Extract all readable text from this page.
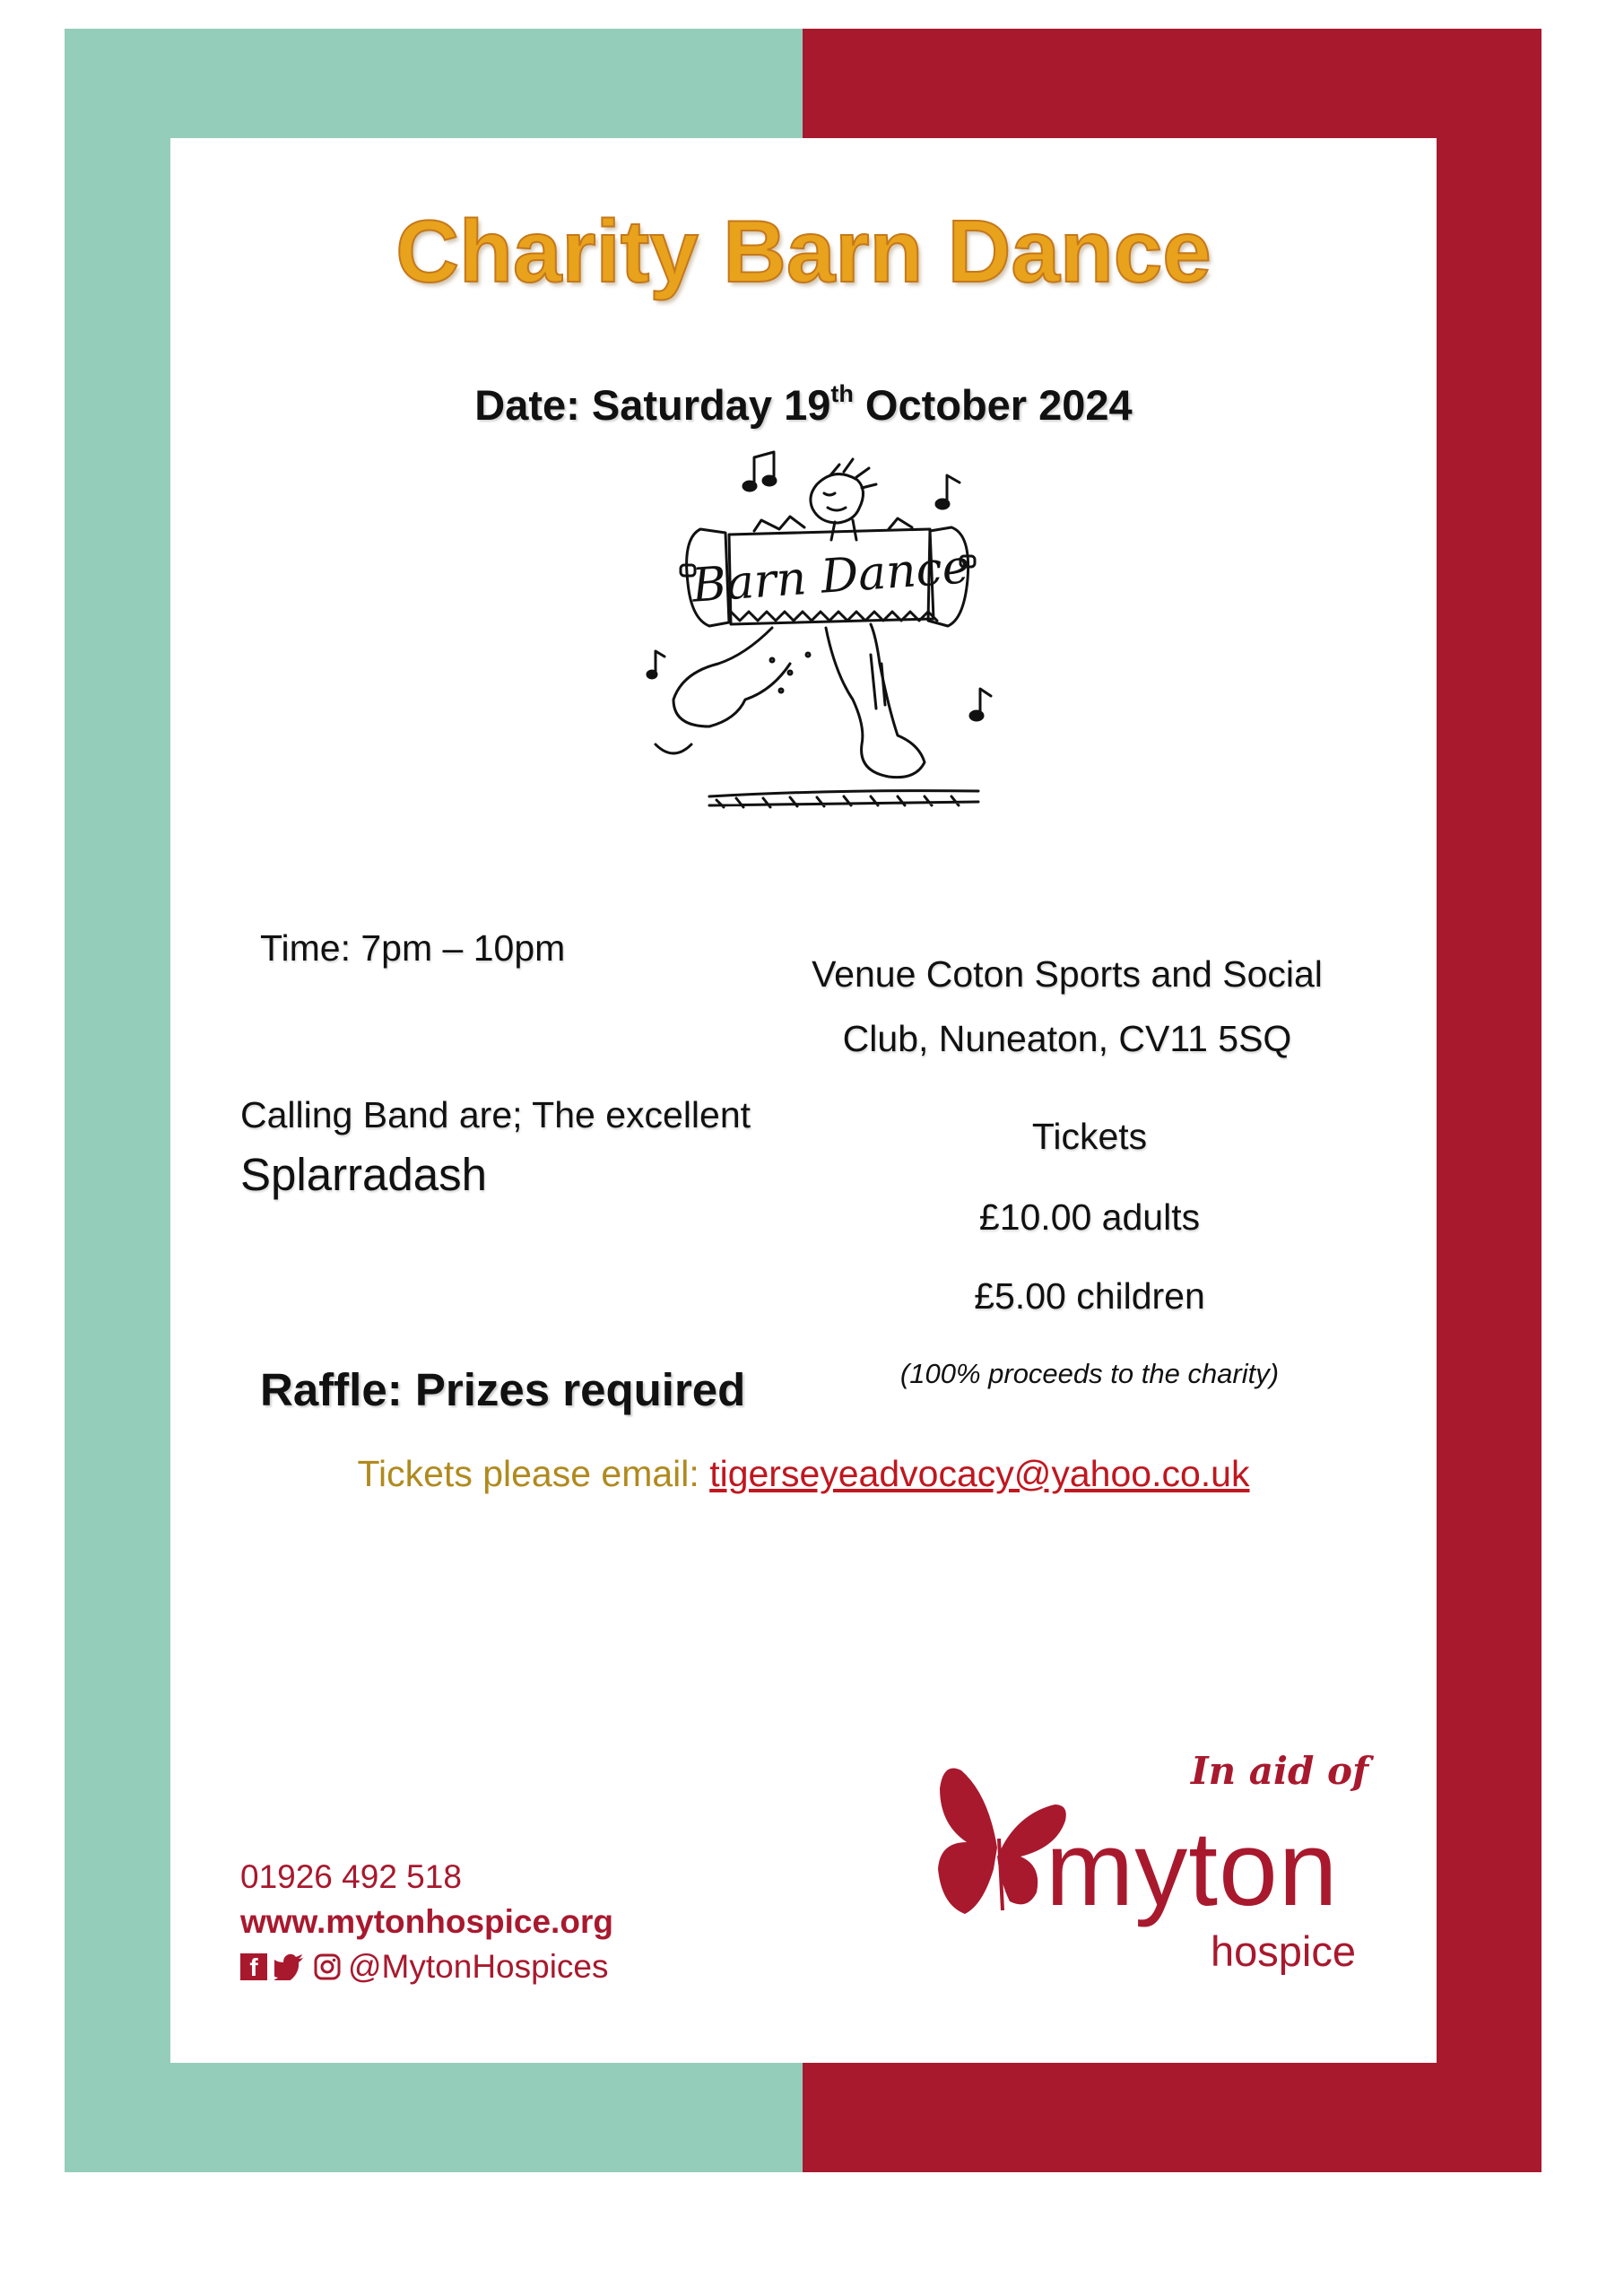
Charity Barn Dance
Date: Saturday 19th October 2024
Barn Dance
Time: 7pm – 10pm
Venue Coton Sports and Social
Club, Nuneaton, CV11 5SQ
Calling Band are; The excellent
Splarradash
Tickets
£10.00 adults
£5.00 children
(100% proceeds to the charity)
Raffle: Prizes required
Tickets please email: tigerseyeadvocacy@yahoo.co.uk
01926 492 518
www.mytonhospice.org
f	@MytonHospices
In aid of
myton
hospice
